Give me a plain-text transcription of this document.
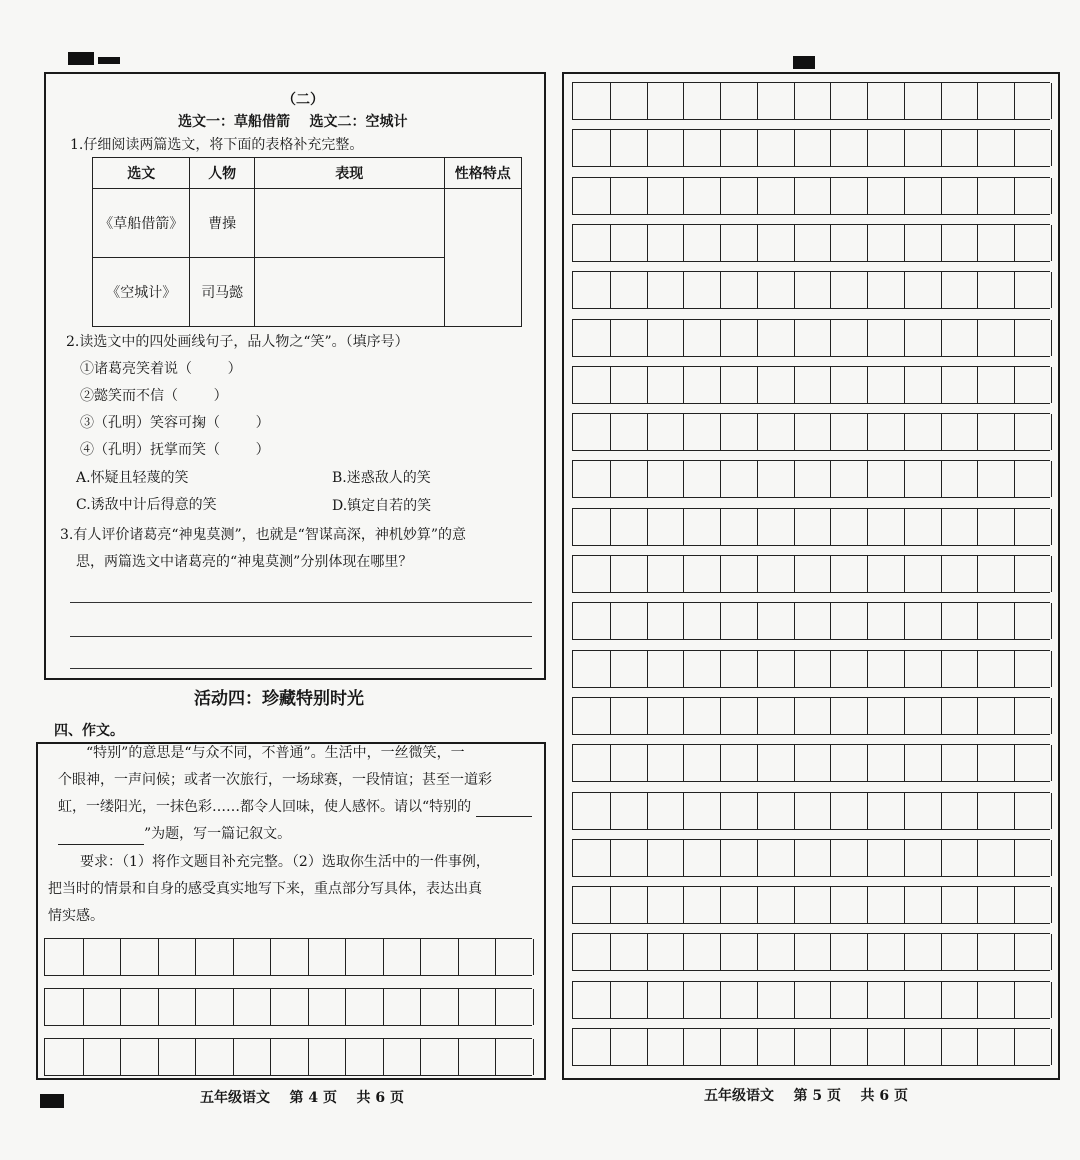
（二）
选文一：草船借箭    选文二：空城计
1.仔细阅读两篇选文，将下面的表格补充完整。
选文	人物	表现	性格特点
《草船借箭》	曹操		
《空城计》	司马懿		
2.读选文中的四处画线句子，品人物之“笑”。（填序号）
①诸葛亮笑着说（        ）
②懿笑而不信（        ）
③（孔明）笑容可掬（        ）
④（孔明）抚掌而笑（        ）
A.怀疑且轻蔑的笑	B.迷惑敌人的笑
C.诱敌中计后得意的笑	D.镇定自若的笑
3.有人评价诸葛亮“神鬼莫测”，也就是“智谋高深，神机妙算”的意
思，两篇选文中诸葛亮的“神鬼莫测”分别体现在哪里？
活动四：珍藏特别时光
四、作文。
“特别”的意思是“与众不同，不普通”。生活中，一丝微笑，一
个眼神，一声问候；或者一次旅行，一场球赛，一段情谊；甚至一道彩
虹，一缕阳光，一抹色彩……都令人回味，使人感怀。请以“特别的
”为题，写一篇记叙文。
要求：（1）将作文题目补充完整。（2）选取你生活中的一件事例，
把当时的情景和自身的感受真实地写下来，重点部分写具体，表达出真
情实感。
五年级语文    第 4 页    共 6 页	五年级语文    第 5 页    共 6 页
